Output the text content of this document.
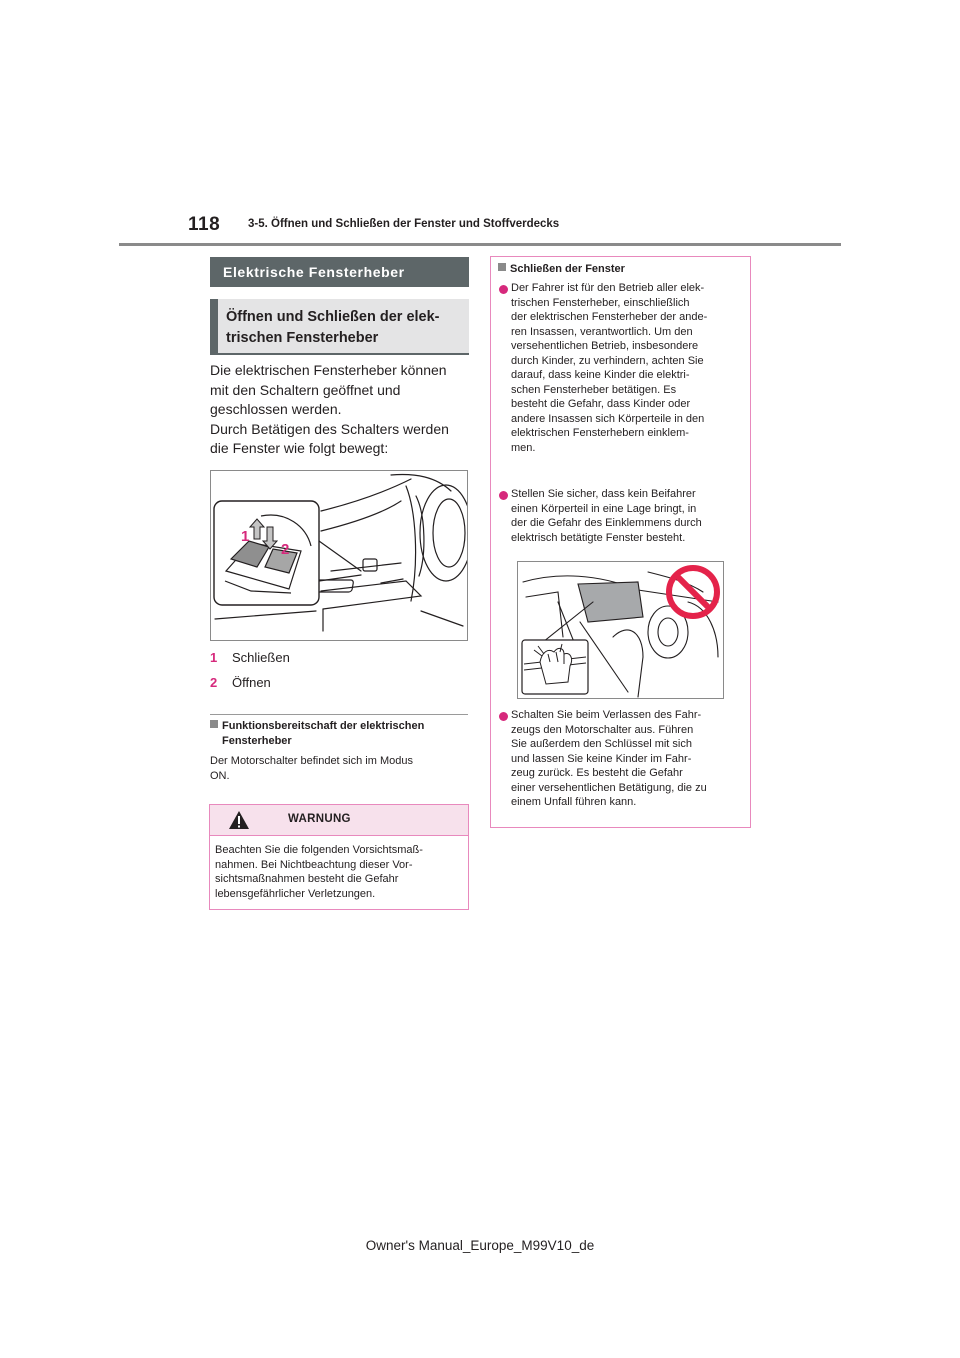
118 3-5. Öffnen und Schließen der Fenster und Stoffverdecks
Elektrische Fensterheber
Öffnen und Schließen der elek-
trischen Fensterheber
Die elektrischen Fensterheber können
mit den Schaltern geöffnet und
geschlossen werden.
Durch Betätigen des Schalters werden
die Fenster wie folgt bewegt:
1
2
1 Schließen
2 Öffnen
Funktionsbereitschaft der elektrischen
Fensterheber
Der Motorschalter befindet sich im Modus
ON.
WARNUNG
Beachten Sie die folgenden Vorsichtsmaß-
nahmen. Bei Nichtbeachtung dieser Vor-
sichtsmaßnahmen besteht die Gefahr
lebensgefährlicher Verletzungen.
Schließen der Fenster
Der Fahrer ist für den Betrieb aller elek-
trischen Fensterheber, einschließlich
der elektrischen Fensterheber der ande-
ren Insassen, verantwortlich. Um den
versehentlichen Betrieb, insbesondere
durch Kinder, zu verhindern, achten Sie
darauf, dass keine Kinder die elektri-
schen Fensterheber betätigen. Es
besteht die Gefahr, dass Kinder oder
andere Insassen sich Körperteile in den
elektrischen Fensterhebern einklem-
men.
Stellen Sie sicher, dass kein Beifahrer
einen Körperteil in eine Lage bringt, in
der die Gefahr des Einklemmens durch
elektrisch betätigte Fenster besteht.
Schalten Sie beim Verlassen des Fahr-
zeugs den Motorschalter aus. Führen
Sie außerdem den Schlüssel mit sich
und lassen Sie keine Kinder im Fahr-
zeug zurück. Es besteht die Gefahr
einer versehentlichen Betätigung, die zu
einem Unfall führen kann.
Owner's Manual_Europe_M99V10_de
